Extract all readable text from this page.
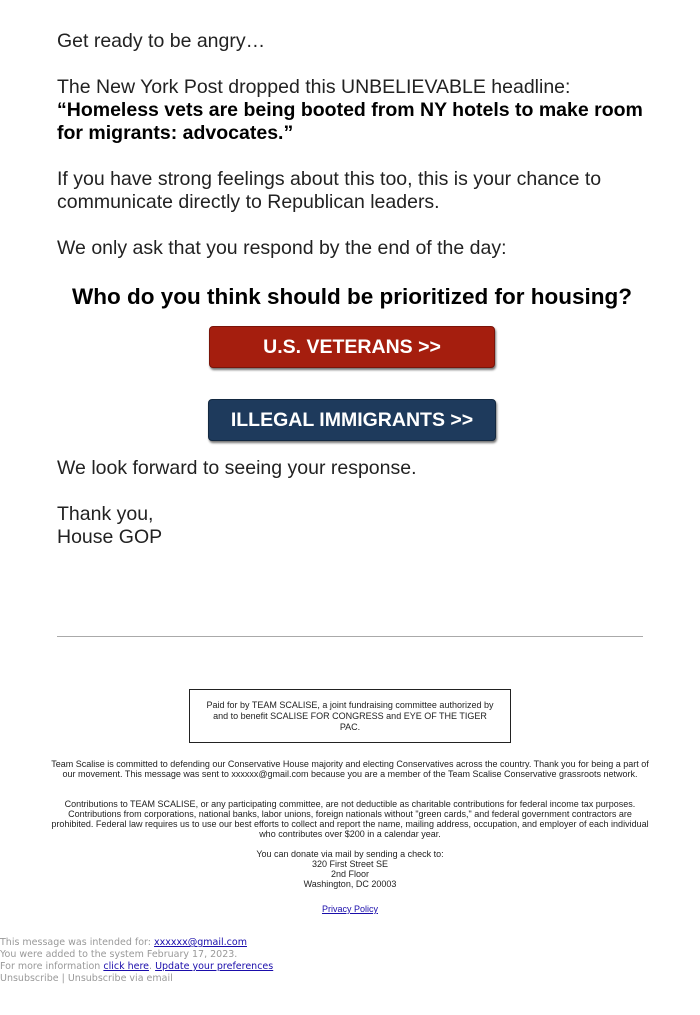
Get ready to be angry…

The New York Post dropped this UNBELIEVABLE headline:
“Homeless vets are being booted from NY hotels to make room for migrants: advocates.”

If you have strong feelings about this too, this is your chance to communicate directly to Republican leaders.

We only ask that you respond by the end of the day:

Who do you think should be prioritized for housing?
U.S. VETERANS >>
ILLEGAL IMMIGRANTS >>

We look forward to seeing your response.

Thank you,
House GOP

Paid for by TEAM SCALISE, a joint fundraising committee authorized by and to benefit SCALISE FOR CONGRESS and EYE OF THE TIGER PAC.
Team Scalise is committed to defending our Conservative House majority and electing Conservatives across the country. Thank you for being a part of our movement. This message was sent to xxxxxx@gmail.com because you are a member of the Team Scalise Conservative grassroots network.
Contributions to TEAM SCALISE, or any participating committee, are not deductible as charitable contributions for federal income tax purposes. Contributions from corporations, national banks, labor unions, foreign nationals without "green cards," and federal government contractors are prohibited. Federal law requires us to use our best efforts to collect and report the name, mailing address, occupation, and employer of each individual who contributes over $200 in a calendar year.
You can donate via mail by sending a check to:
320 First Street SE
2nd Floor
Washington, DC 20003
Privacy Policy
This message was intended for: xxxxxx@gmail.com
You were added to the system February 17, 2023.
For more information click here. Update your preferences
Unsubscribe | Unsubscribe via email
